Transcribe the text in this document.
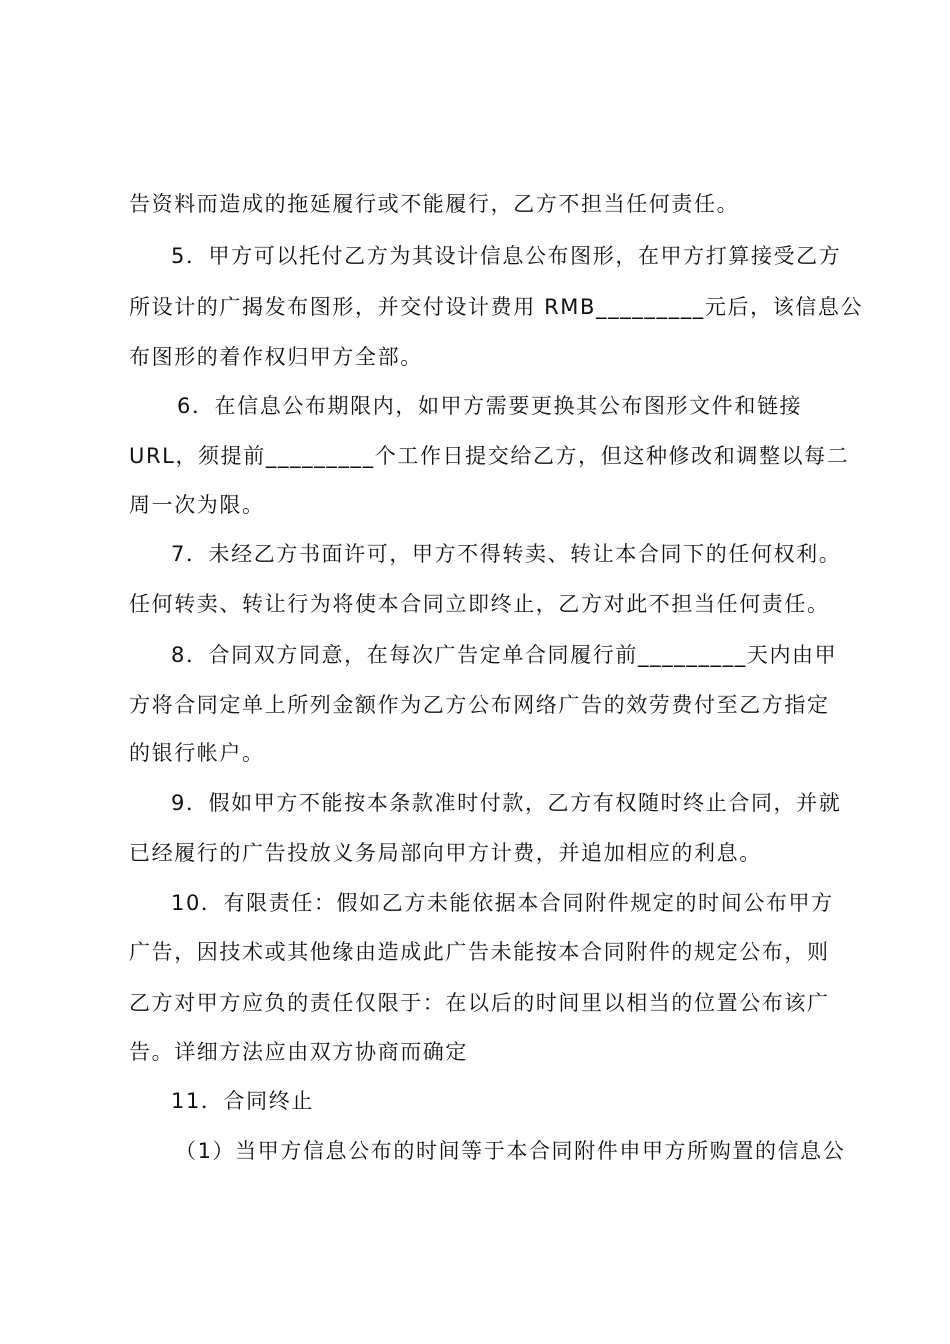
告资料而造成的拖延履行或不能履行，乙方不担当任何责任。
5．甲方可以托付乙方为其设计信息公布图形，在甲方打算接受乙方
所设计的广揭发布图形，并交付设计费用 RMB_________元后，该信息公
布图形的着作权归甲方全部。
6．在信息公布期限内，如甲方需要更换其公布图形文件和链接
URL，须提前_________个工作日提交给乙方，但这种修改和调整以每二
周一次为限。
7．未经乙方书面许可，甲方不得转卖、转让本合同下的任何权利。
任何转卖、转让行为将使本合同立即终止，乙方对此不担当任何责任。
8．合同双方同意，在每次广告定单合同履行前_________天内由甲
方将合同定单上所列金额作为乙方公布网络广告的效劳费付至乙方指定
的银行帐户。
9．假如甲方不能按本条款准时付款，乙方有权随时终止合同，并就
已经履行的广告投放义务局部向甲方计费，并追加相应的利息。
10．有限责任：假如乙方未能依据本合同附件规定的时间公布甲方
广告，因技术或其他缘由造成此广告未能按本合同附件的规定公布，则
乙方对甲方应负的责任仅限于：在以后的时间里以相当的位置公布该广
告。详细方法应由双方协商而确定
11．合同终止
（1）当甲方信息公布的时间等于本合同附件申甲方所购置的信息公
